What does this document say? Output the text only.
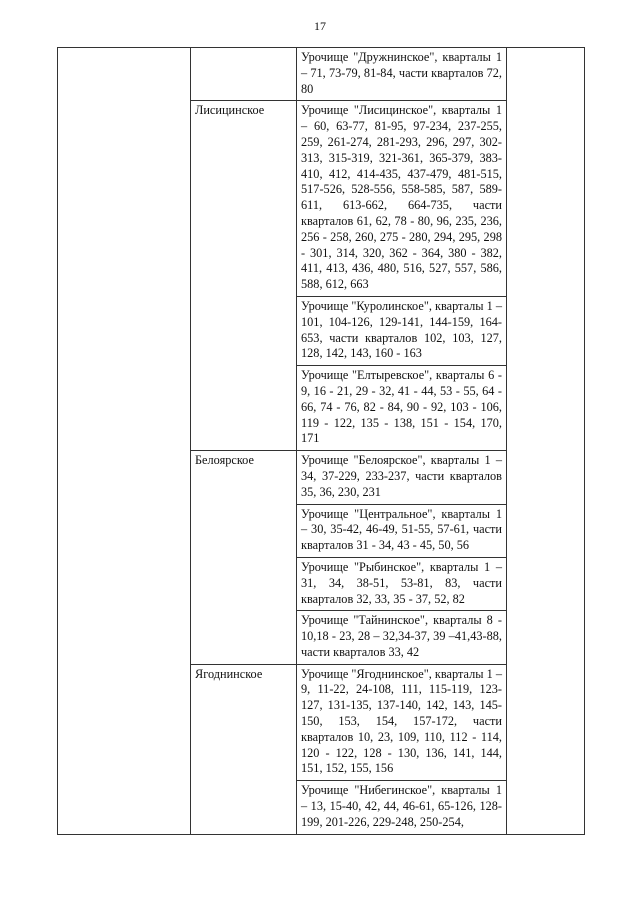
17
		Урочище "Дружнинское", кварталы 1 – 71, 73-79, 81-84, части кварталов 72, 80	
	Лисицинское	Урочище "Лисицинское", кварталы 1 – 60, 63-77, 81-95, 97-234, 237-255, 259, 261-274, 281-293, 296, 297, 302-313, 315-319, 321-361, 365-379, 383-410, 412, 414-435, 437-479, 481-515, 517-526, 528-556, 558-585, 587, 589-611, 613-662, 664-735, части кварталов 61, 62, 78 - 80, 96, 235, 236, 256 - 258, 260, 275 - 280, 294, 295, 298 - 301, 314, 320, 362 - 364, 380 - 382, 411, 413, 436, 480, 516, 527, 557, 586, 588, 612, 663	
		Урочище "Куролинское", кварталы 1 – 101, 104-126, 129-141, 144-159, 164-653, части кварталов 102, 103, 127, 128, 142, 143, 160 - 163	
		Урочище "Елтыревское", кварталы 6 - 9, 16 - 21, 29 - 32, 41 - 44, 53 - 55, 64 - 66, 74 - 76, 82 - 84, 90 - 92, 103 - 106, 119 - 122, 135 - 138, 151 - 154, 170, 171	
	Белоярское	Урочище "Белоярское", кварталы 1 – 34, 37-229, 233-237, части кварталов 35, 36, 230, 231	
		Урочище "Центральное", кварталы 1 – 30, 35-42, 46-49, 51-55, 57-61, части кварталов 31 - 34, 43 - 45, 50, 56	
		Урочище "Рыбинское", кварталы 1 – 31, 34, 38-51, 53-81, 83, части кварталов 32, 33, 35 - 37, 52, 82	
		Урочище "Тайнинское", кварталы 8 - 10,18 - 23, 28 – 32,34-37, 39 –41,43-88, части кварталов 33, 42	
	Ягоднинское	Урочище "Ягоднинское", кварталы 1 – 9, 11-22, 24-108, 111, 115-119, 123-127, 131-135, 137-140, 142, 143, 145-150, 153, 154, 157-172, части кварталов 10, 23, 109, 110, 112 - 114, 120 - 122, 128 - 130, 136, 141, 144, 151, 152, 155, 156	
		Урочище "Нибегинское", кварталы 1 – 13, 15-40, 42, 44, 46-61, 65-126, 128-199, 201-226, 229-248, 250-254,	
